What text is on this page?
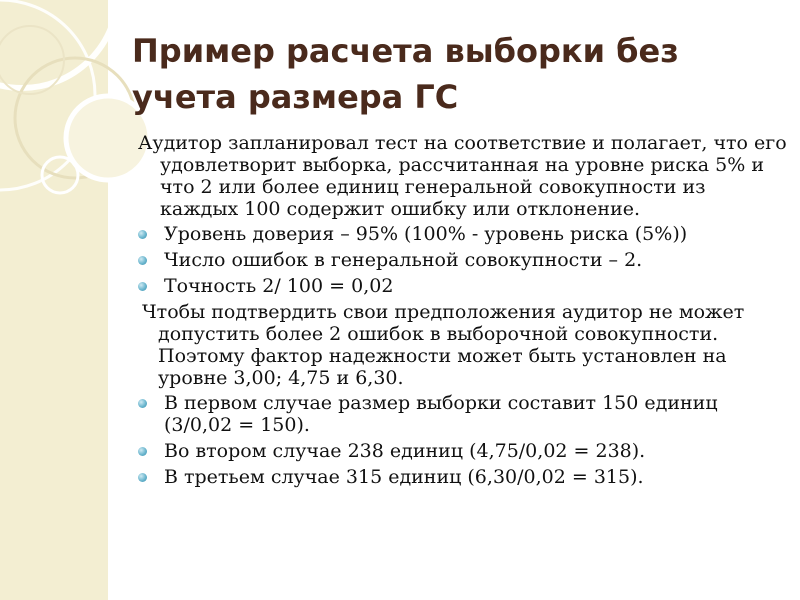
Пример расчета выборки без учета размера ГС

Аудитор запланировал тест на соответствие и полагает, что его удовлетворит выборка, рассчитанная на уровне риска 5% и что 2 или более единиц генеральной совокупности из каждых 100 содержит ошибку или отклонение.

Уровень доверия – 95% (100% - уровень риска (5%))
Число ошибок в генеральной совокупности – 2.
Точность 2/ 100 = 0,02

Чтобы подтвердить свои предположения аудитор не может допустить более 2 ошибок в выборочной совокупности. Поэтому фактор надежности может быть установлен на уровне 3,00; 4,75 и 6,30.

В первом случае размер выборки составит 150 единиц (3/0,02 = 150).
Во втором случае 238 единиц (4,75/0,02 = 238).
В третьем случае 315 единиц (6,30/0,02 = 315).
